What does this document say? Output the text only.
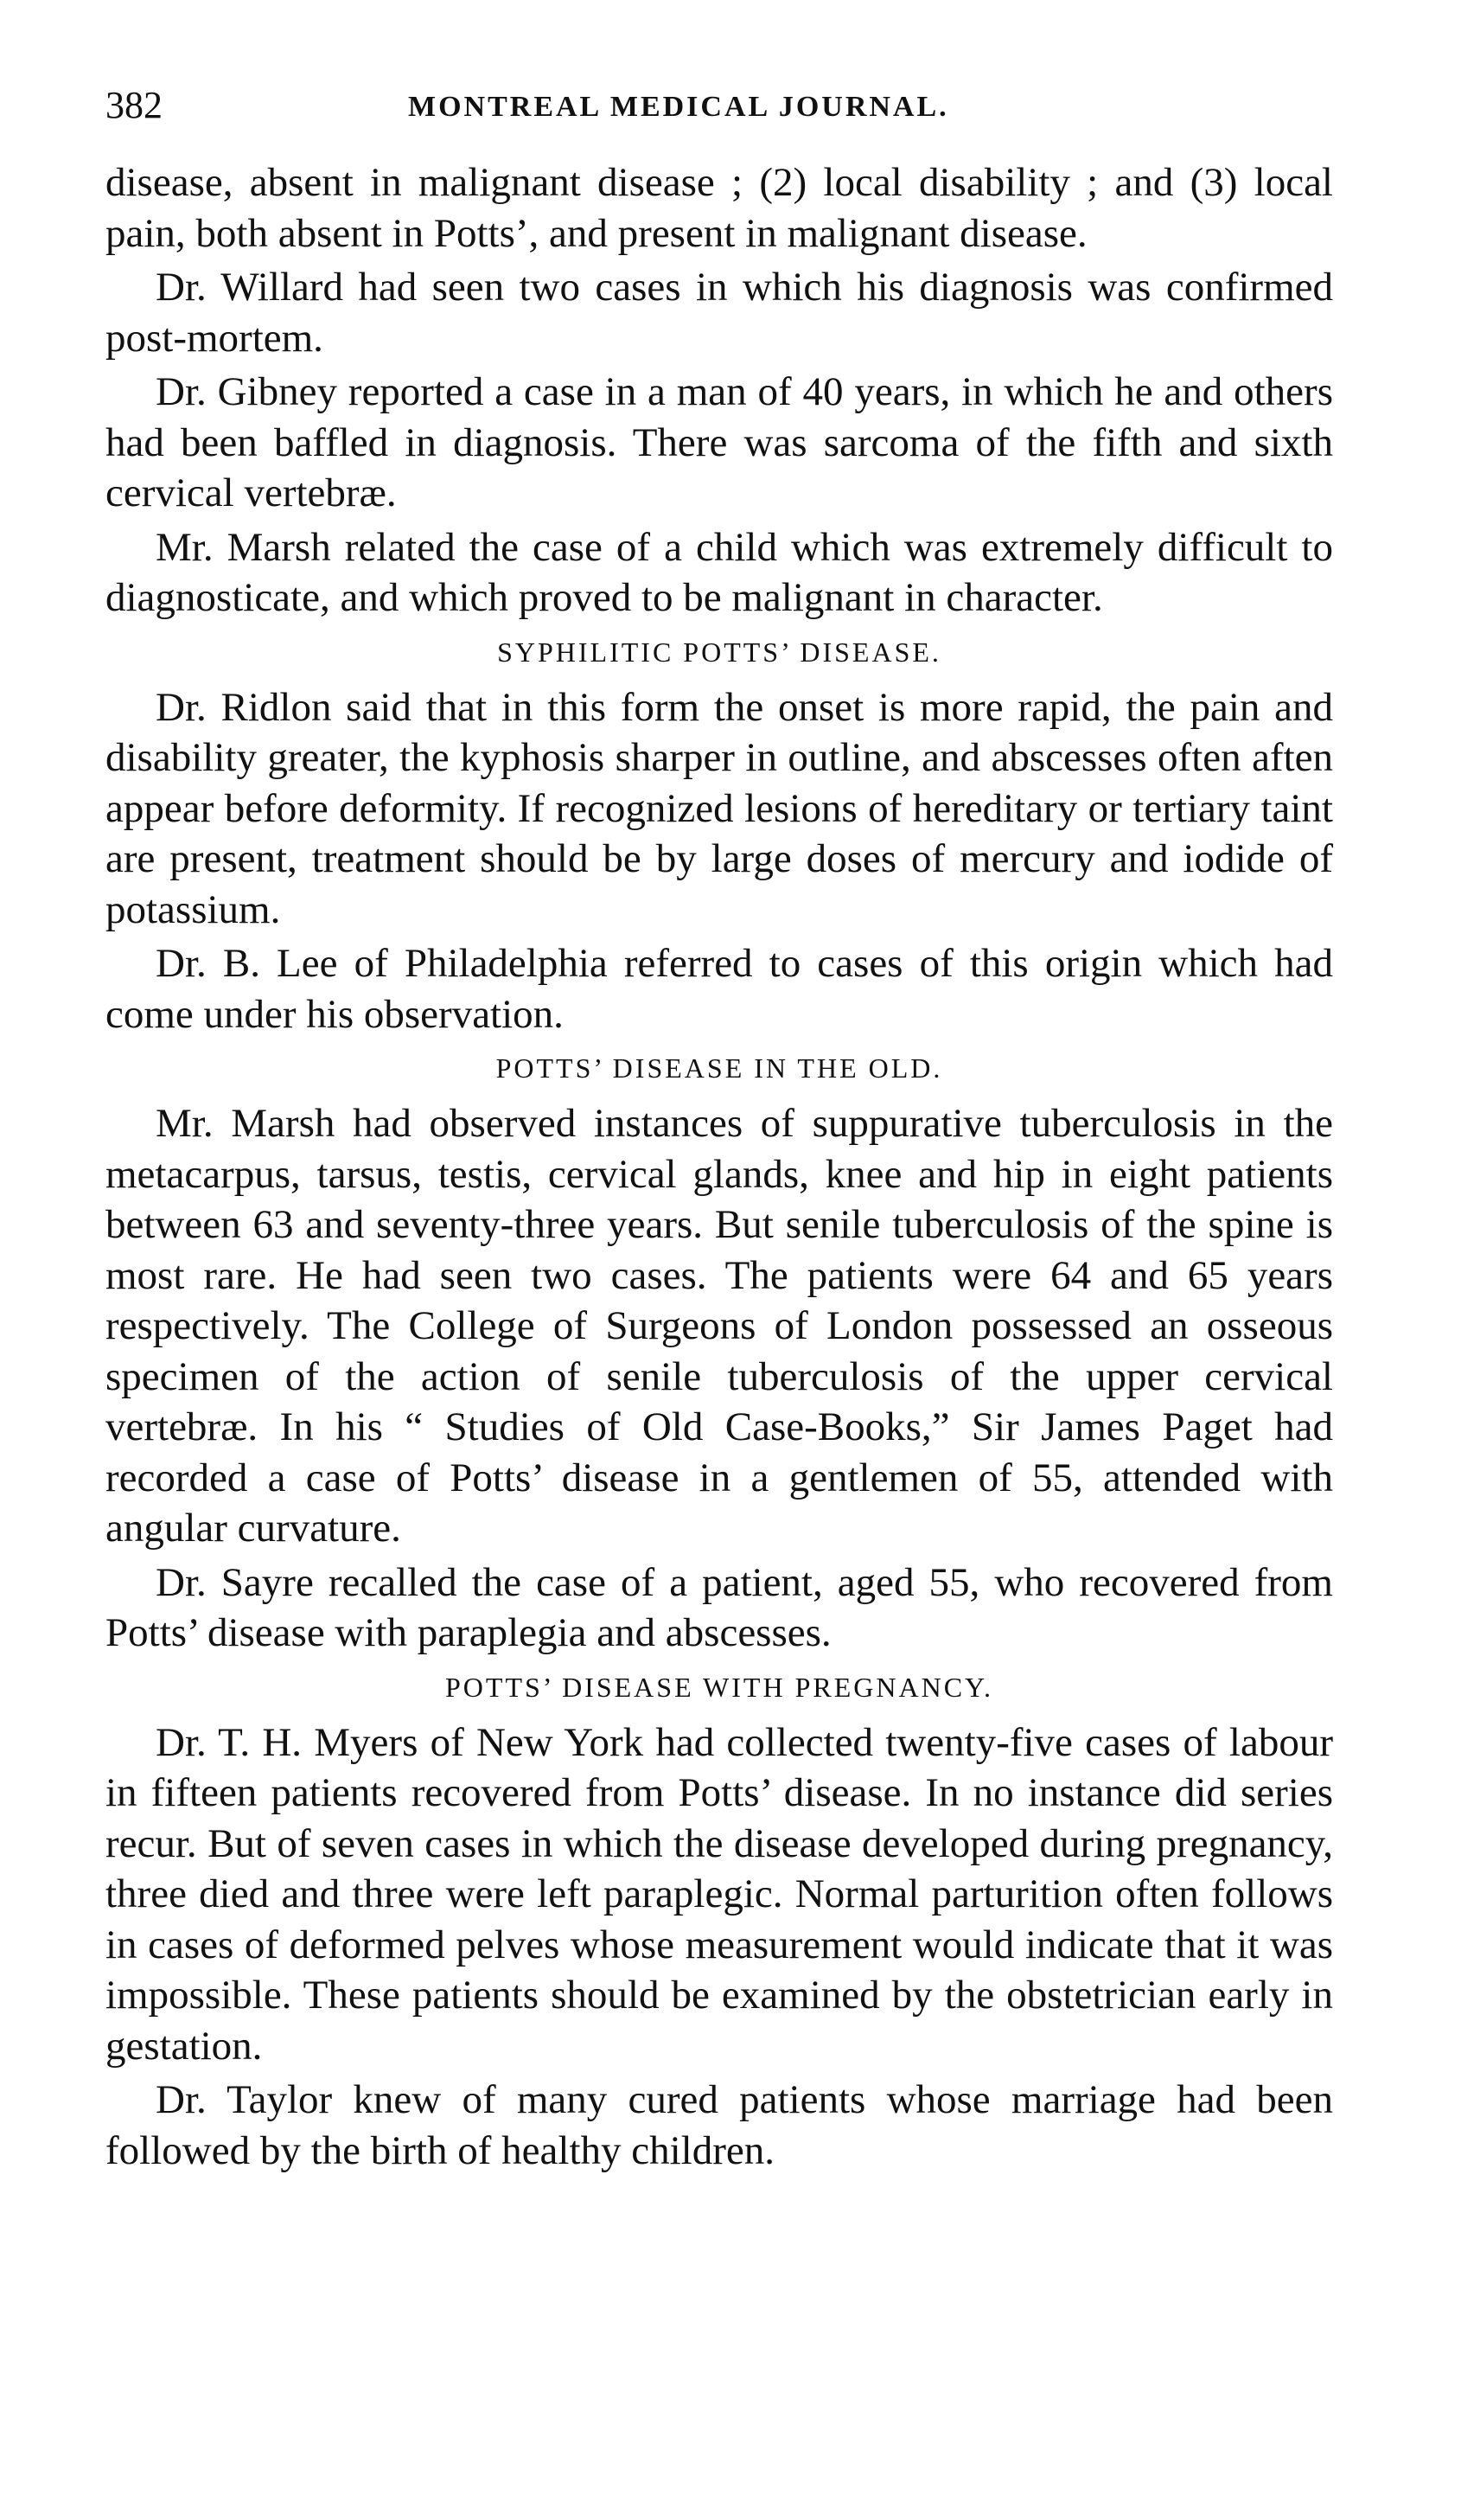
382	MONTREAL MEDICAL JOURNAL.

disease, absent in malignant disease ; (2) local disability ; and (3) local pain, both absent in Potts’, and present in malignant disease.

Dr. Willard had seen two cases in which his diagnosis was confirmed post-mortem.

Dr. Gibney reported a case in a man of 40 years, in which he and others had been baffled in diagnosis. There was sarcoma of the fifth and sixth cervical vertebræ.

Mr. Marsh related the case of a child which was extremely difficult to diagnosticate, and which proved to be malignant in character.

SYPHILITIC POTTS’ DISEASE.

Dr. Ridlon said that in this form the onset is more rapid, the pain and disability greater, the kyphosis sharper in outline, and abscesses often aften appear before deformity. If recognized lesions of hereditary or tertiary taint are present, treatment should be by large doses of mercury and iodide of potassium.

Dr. B. Lee of Philadelphia referred to cases of this origin which had come under his observation.

POTTS’ DISEASE IN THE OLD.

Mr. Marsh had observed instances of suppurative tuberculosis in the metacarpus, tarsus, testis, cervical glands, knee and hip in eight patients between 63 and seventy-three years. But senile tuberculosis of the spine is most rare. He had seen two cases. The patients were 64 and 65 years respectively. The College of Surgeons of London possessed an osseous specimen of the action of senile tuberculosis of the upper cervical vertebræ. In his “ Studies of Old Case-Books,” Sir James Paget had recorded a case of Potts’ disease in a gentlemen of 55, attended with angular curvature.

Dr. Sayre recalled the case of a patient, aged 55, who recovered from Potts’ disease with paraplegia and abscesses.

POTTS’ DISEASE WITH PREGNANCY.

Dr. T. H. Myers of New York had collected twenty-five cases of labour in fifteen patients recovered from Potts’ disease. In no instance did series recur. But of seven cases in which the disease developed during pregnancy, three died and three were left paraplegic. Normal parturition often follows in cases of deformed pelves whose measurement would indicate that it was impossible. These patients should be examined by the obstetrician early in gestation.

Dr. Taylor knew of many cured patients whose marriage had been followed by the birth of healthy children.
